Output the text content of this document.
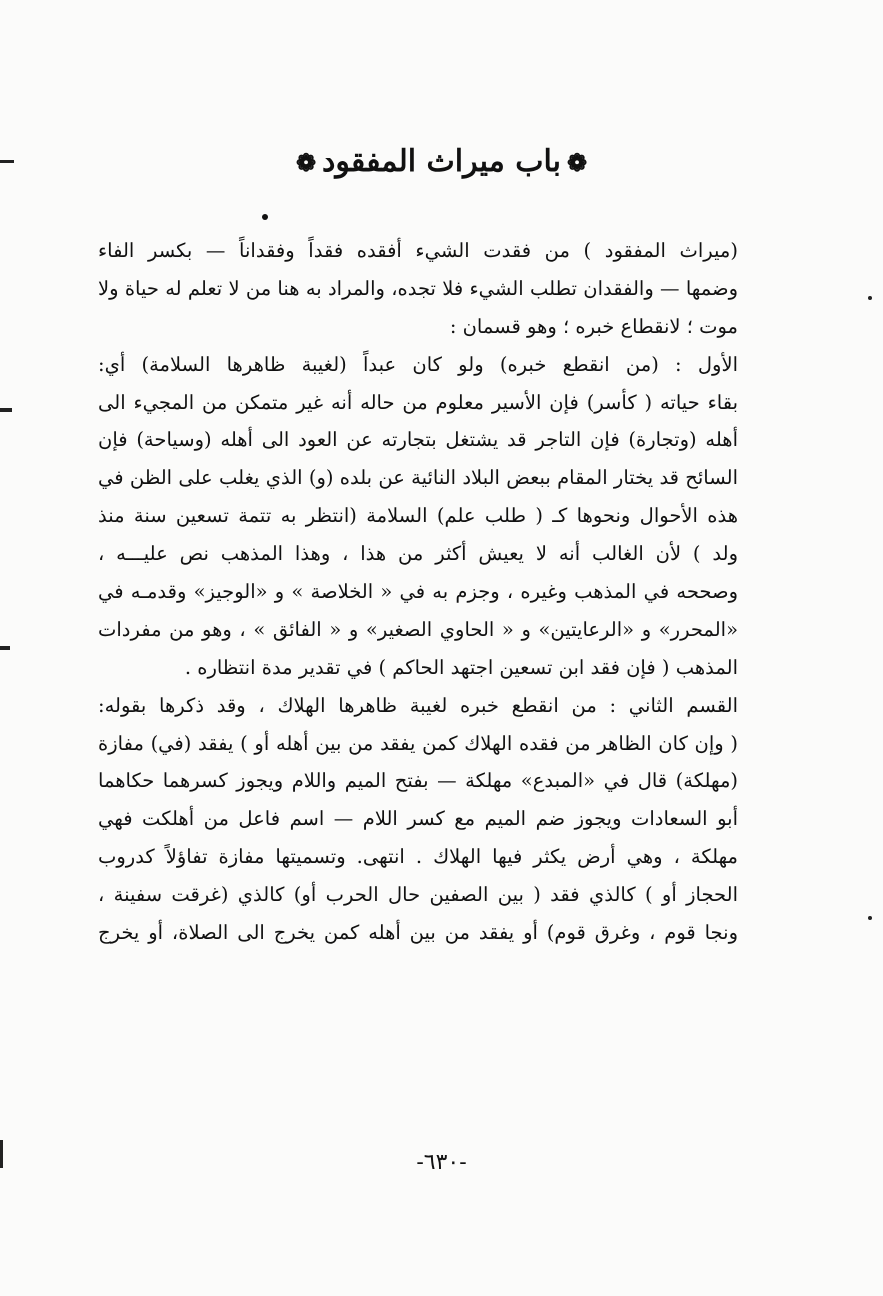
❁باب ميراث المفقود❁
(ميراث المفقود ) من فقدت الشيء أفقده فقداً وفقداناً — بكسر الفاء
وضمها — والفقدان تطلب الشيء فلا تجده، والمراد به هنا من لا تعلم له حياة ولا
موت ؛ لانقطاع خبره ؛ وهو قسمان :
الأول : (من انقطع خبره) ولو كان عبداً (لغيبة ظاهرها السلامة) أي:
بقاء حياته ( كأسر) فإن الأسير معلوم من حاله أنه غير متمكن من المجيء الى
أهله (وتجارة) فإن التاجر قد يشتغل بتجارته عن العود الى أهله (وسياحة) فإن
السائح قد يختار المقام ببعض البلاد النائية عن بلده (و) الذي يغلب على الظن في
هذه الأحوال ونحوها كـ ( طلب علم) السلامة (انتظر به تتمة تسعين سنة منذ
ولد ) لأن الغالب أنه لا يعيش أكثر من هذا ، وهذا المذهب نص عليـــه ،
وصححه في المذهب وغيره ، وجزم به في « الخلاصة » و «الوجيز» وقدمـه في
«المحرر» و «الرعايتين» و « الحاوي الصغير» و « الفائق » ، وهو من مفردات
المذهب ( فإن فقد ابن تسعين اجتهد الحاكم ) في تقدير مدة انتظاره .
القسم الثاني : من انقطع خبره لغيبة ظاهرها الهلاك ، وقد ذكرها بقوله:
( وإن كان الظاهر من فقده الهلاك كمن يفقد من بين أهله أو ) يفقد (في) مفازة
(مهلكة) قال في «المبدع» مهلكة — بفتح الميم واللام ويجوز كسرهما حكاهما
أبو السعادات ويجوز ضم الميم مع كسر اللام — اسم فاعل من أهلكت فهي
مهلكة ، وهي أرض يكثر فيها الهلاك . انتهى. وتسميتها مفازة تفاؤلاً كدروب
الحجاز أو ) كالذي فقد ( بين الصفين حال الحرب أو) كالذي (غرقت سفينة ،
ونجا قوم ، وغرق قوم) أو يفقد من بين أهله كمن يخرج الى الصلاة، أو يخرج
-٦٣٠-
